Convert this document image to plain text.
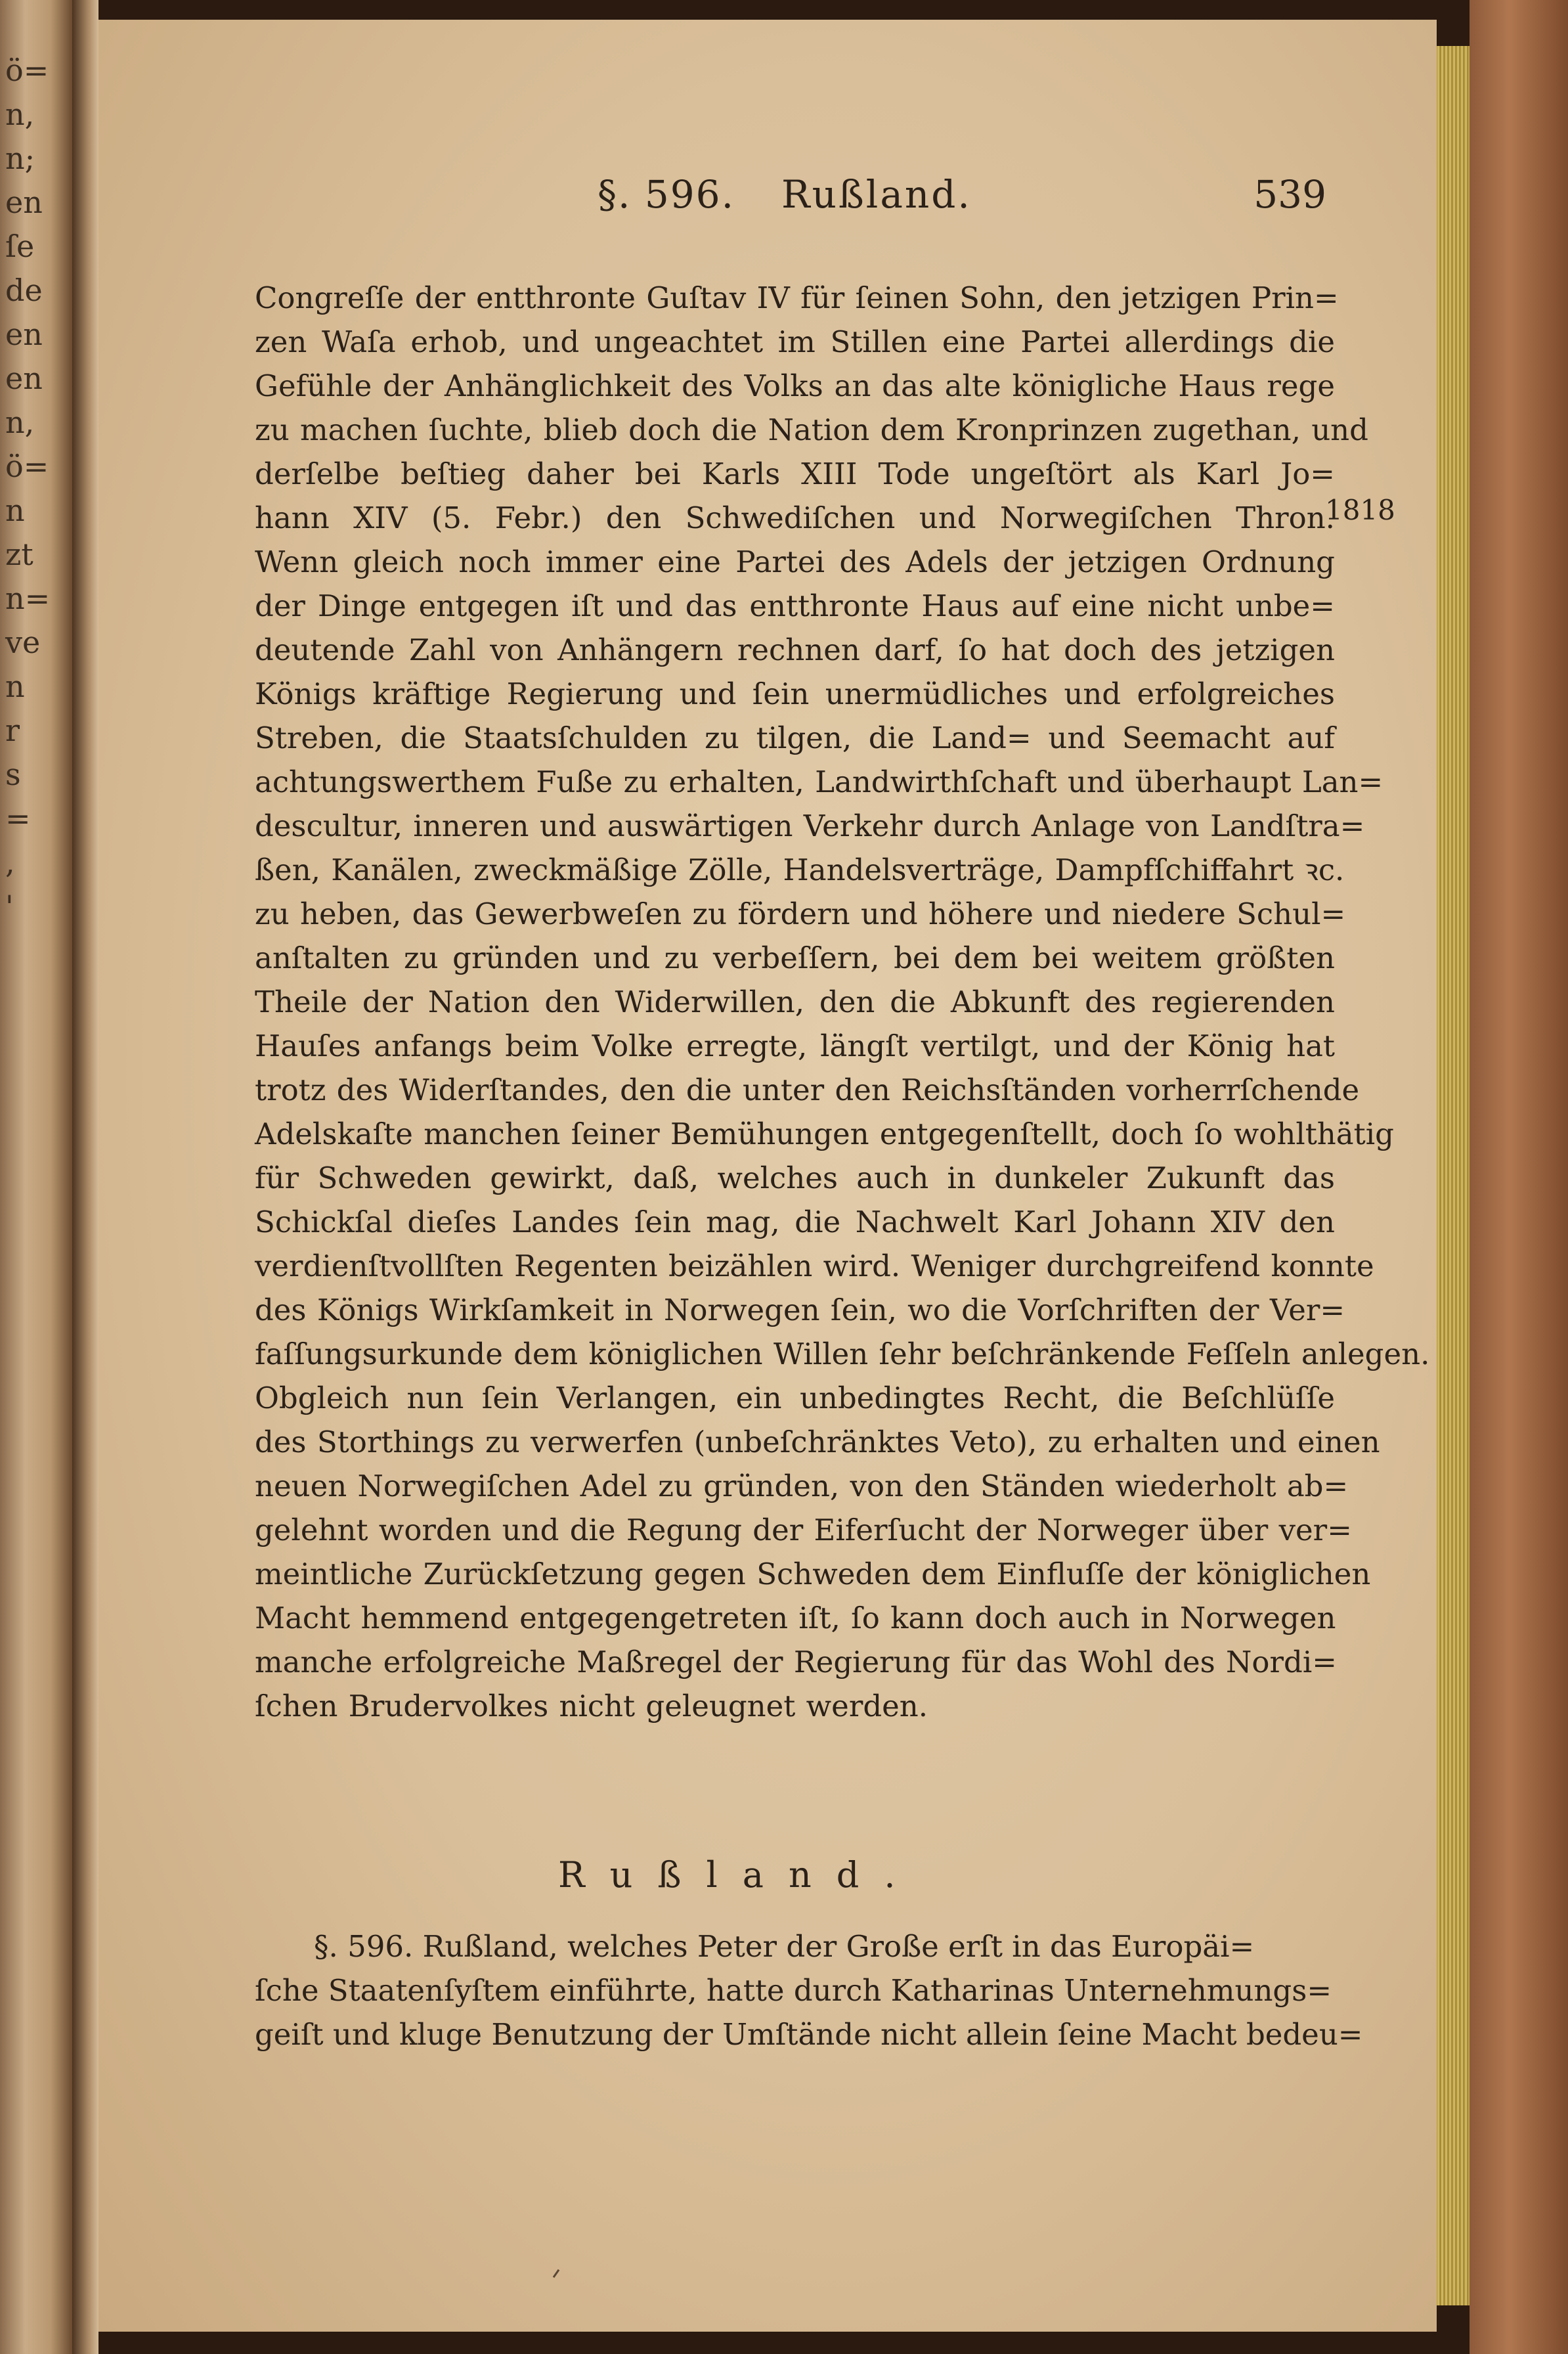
ö=
n,
n;
en
ſe
de
en
en
n,
ö=
n
zt
n=
ve
n
r
s
=
,
'
§. 596. Rußland.	539
Congreſſe der entthronte Guſtav IV für ſeinen Sohn, den jetzigen Prin=
zen Waſa erhob, und ungeachtet im Stillen eine Partei allerdings die
Gefühle der Anhänglichkeit des Volks an das alte königliche Haus rege
zu machen ſuchte, blieb doch die Nation dem Kronprinzen zugethan, und
derſelbe beſtieg daher bei Karls XIII Tode ungeſtört als Karl Jo=
hann XIV (5. Febr.) den Schwediſchen und Norwegiſchen Thron.
Wenn gleich noch immer eine Partei des Adels der jetzigen Ordnung
der Dinge entgegen iſt und das entthronte Haus auf eine nicht unbe=
deutende Zahl von Anhängern rechnen darf, ſo hat doch des jetzigen
Königs kräftige Regierung und ſein unermüdliches und erfolgreiches
Streben, die Staatsſchulden zu tilgen, die Land= und Seemacht auf
achtungswerthem Fuße zu erhalten, Landwirthſchaft und überhaupt Lan=
descultur, inneren und auswärtigen Verkehr durch Anlage von Landſtra=
ßen, Kanälen, zweckmäßige Zölle, Handelsverträge, Dampfſchiffahrt ꝛc.
zu heben, das Gewerbweſen zu fördern und höhere und niedere Schul=
anſtalten zu gründen und zu verbeſſern, bei dem bei weitem größten
Theile der Nation den Widerwillen, den die Abkunft des regierenden
Hauſes anfangs beim Volke erregte, längſt vertilgt, und der König hat
trotz des Widerſtandes, den die unter den Reichsſtänden vorherrſchende
Adelskaſte manchen ſeiner Bemühungen entgegenſtellt, doch ſo wohlthätig
für Schweden gewirkt, daß, welches auch in dunkeler Zukunft das
Schickſal dieſes Landes ſein mag, die Nachwelt Karl Johann XIV den
verdienſtvollſten Regenten beizählen wird. Weniger durchgreifend konnte
des Königs Wirkſamkeit in Norwegen ſein, wo die Vorſchriften der Ver=
faſſungsurkunde dem königlichen Willen ſehr beſchränkende Feſſeln anlegen.
Obgleich nun ſein Verlangen, ein unbedingtes Recht, die Beſchlüſſe
des Storthings zu verwerfen (unbeſchränktes Veto), zu erhalten und einen
neuen Norwegiſchen Adel zu gründen, von den Ständen wiederholt ab=
gelehnt worden und die Regung der Eiferſucht der Norweger über ver=
meintliche Zurückſetzung gegen Schweden dem Einfluſſe der königlichen
Macht hemmend entgegengetreten iſt, ſo kann doch auch in Norwegen
manche erfolgreiche Maßregel der Regierung für das Wohl des Nordi=
ſchen Brudervolkes nicht geleugnet werden.
1818
Rußland.
§. 596. Rußland, welches Peter der Große erſt in das Europäi=
ſche Staatenſyſtem einführte, hatte durch Katharinas Unternehmungs=
geiſt und kluge Benutzung der Umſtände nicht allein ſeine Macht bedeu=
